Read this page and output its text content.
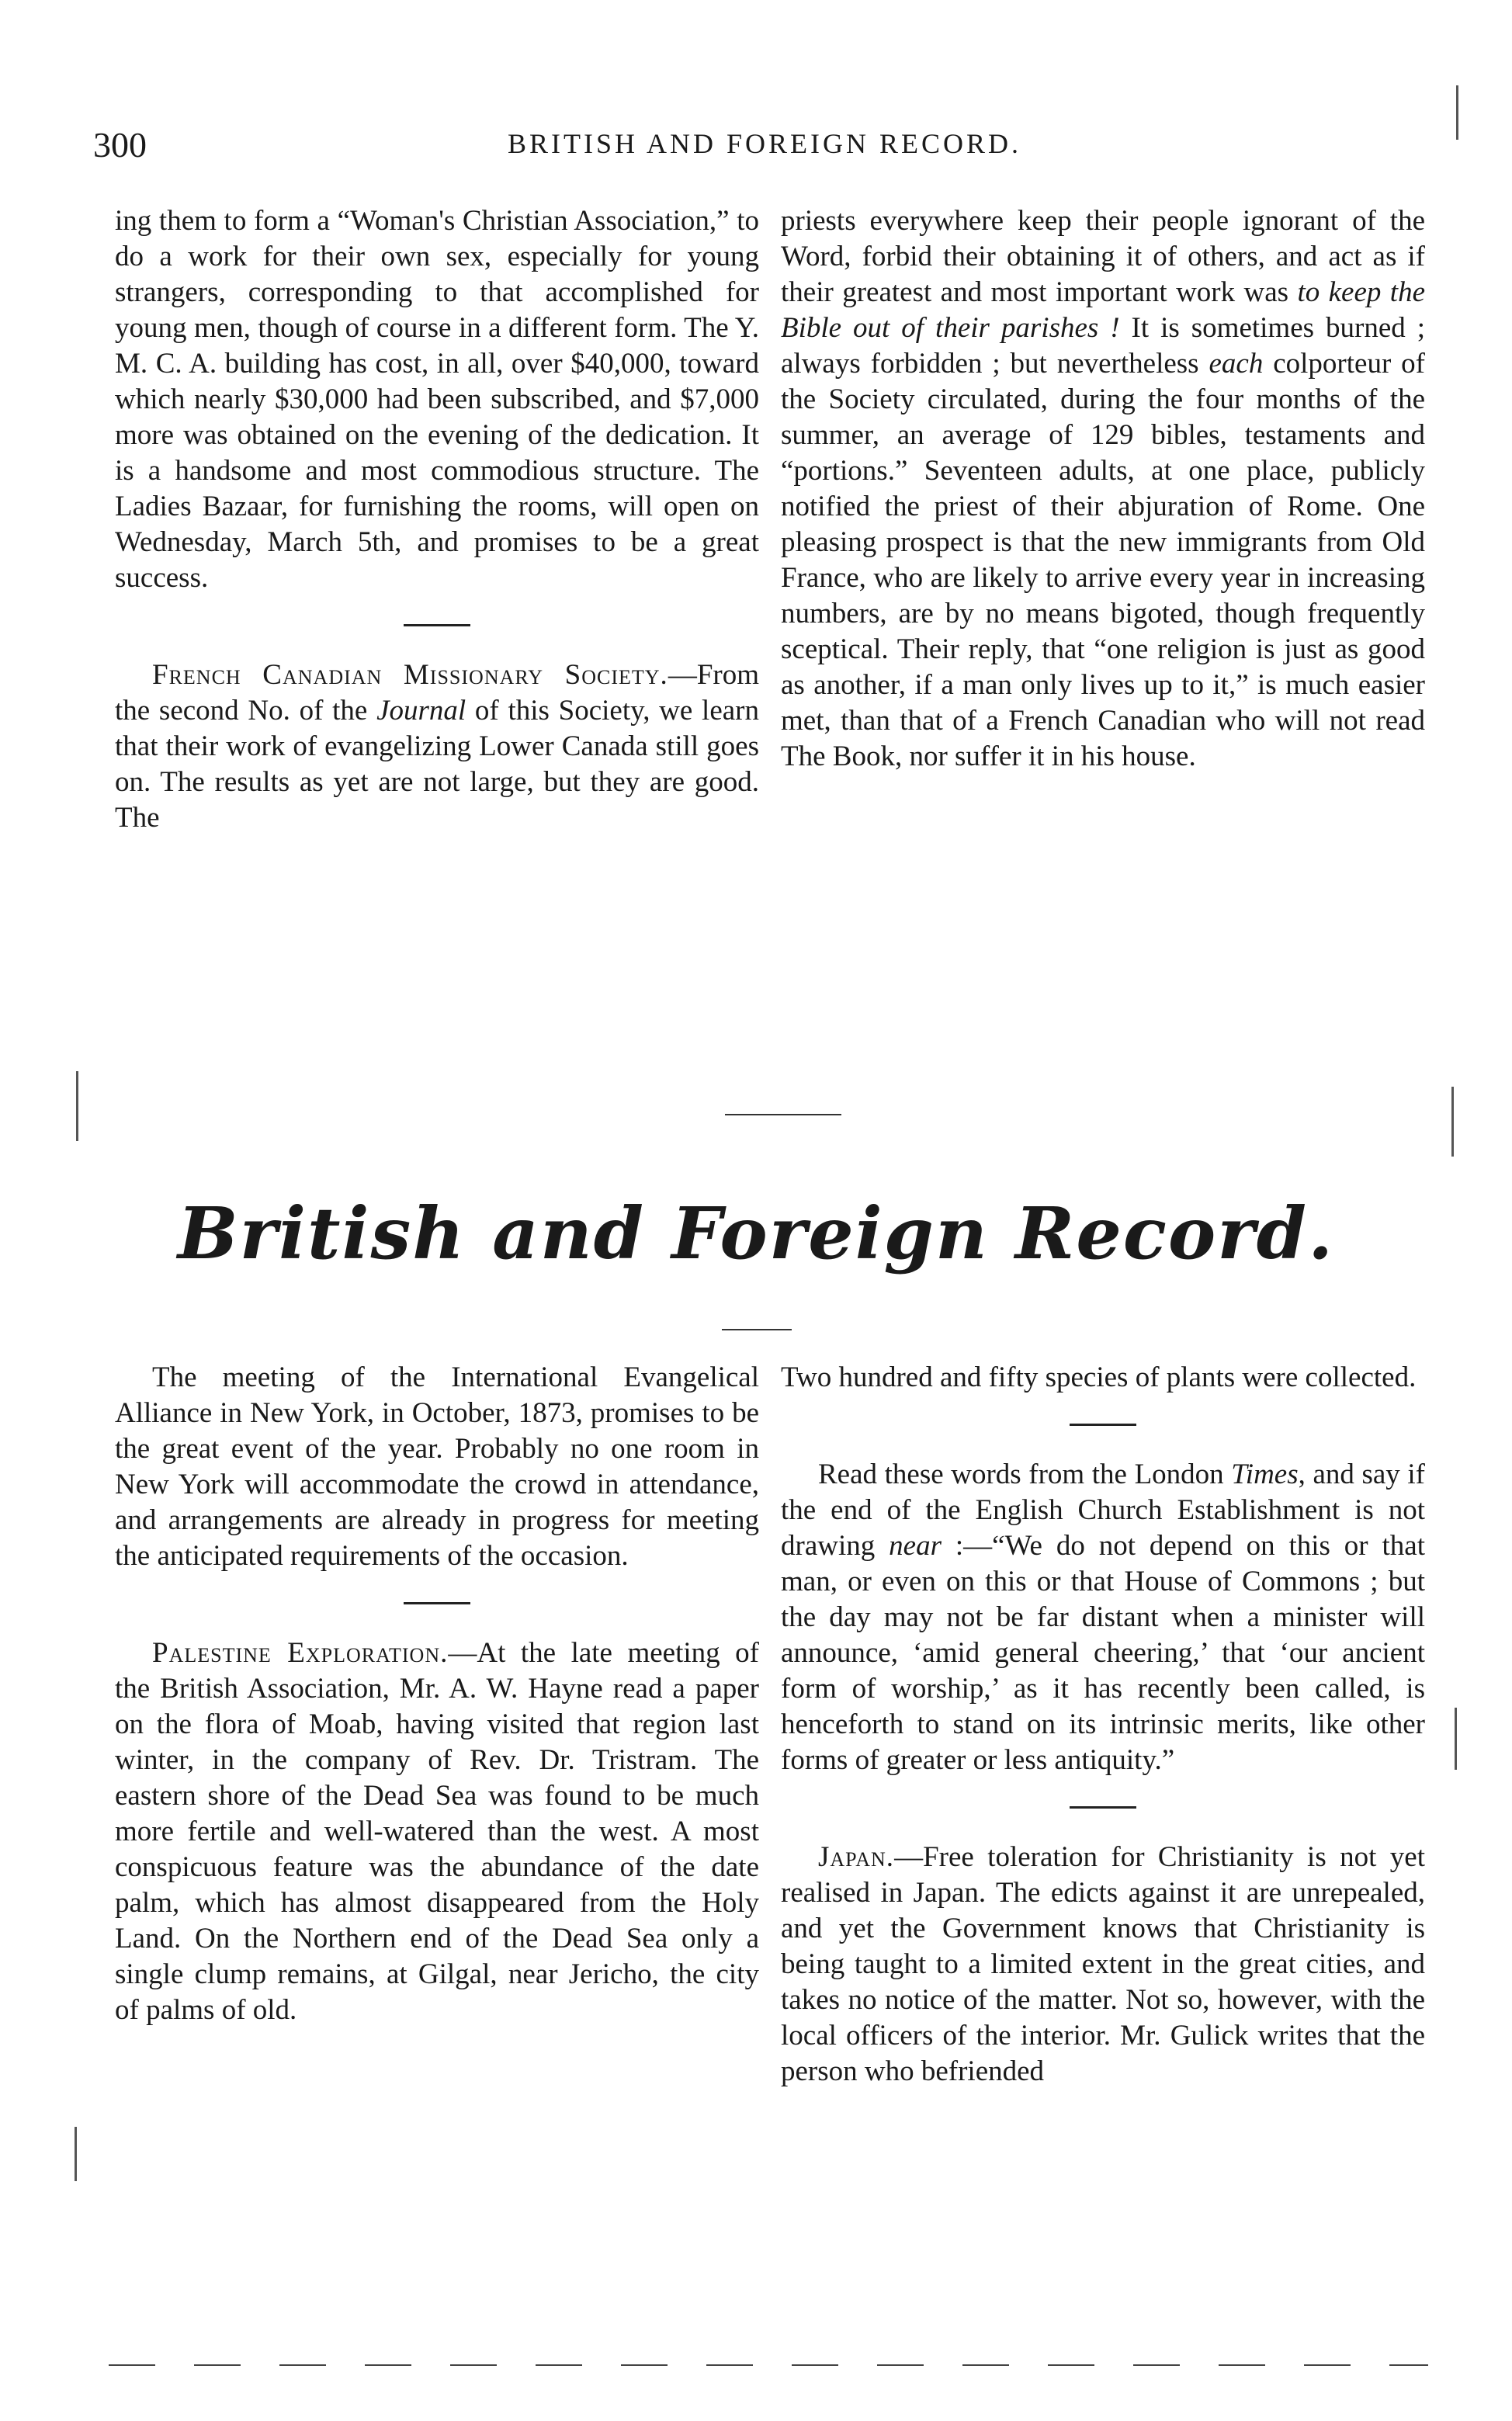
300	BRITISH AND FOREIGN RECORD.

ing them to form a “Woman's Christian Association,” to do a work for their own sex, especially for young strangers, corresponding to that accomplished for young men, though of course in a different form. The Y. M. C. A. building has cost, in all, over $40,000, toward which nearly $30,000 had been subscribed, and $7,000 more was obtained on the evening of the dedication. It is a handsome and most commodious structure. The Ladies Bazaar, for furnishing the rooms, will open on Wednesday, March 5th, and promises to be a great success.

French Canadian Missionary Society.—From the second No. of the Journal of this Society, we learn that their work of evangelizing Lower Canada still goes on. The results as yet are not large, but they are good. The

priests everywhere keep their people ignorant of the Word, forbid their obtaining it of others, and act as if their greatest and most important work was to keep the Bible out of their parishes ! It is sometimes burned ; always forbidden ; but nevertheless each colporteur of the Society circulated, during the four months of the summer, an average of 129 bibles, testaments and “portions.” Seventeen adults, at one place, publicly notified the priest of their abjuration of Rome. One pleasing prospect is that the new immigrants from Old France, who are likely to arrive every year in increasing numbers, are by no means bigoted, though frequently sceptical. Their reply, that “one religion is just as good as another, if a man only lives up to it,” is much easier met, than that of a French Canadian who will not read The Book, nor suffer it in his house.

British and Foreign Record.

The meeting of the International Evangelical Alliance in New York, in October, 1873, promises to be the great event of the year. Probably no one room in New York will accommodate the crowd in attendance, and arrangements are already in progress for meeting the anticipated requirements of the occasion.

Palestine Exploration.—At the late meeting of the British Association, Mr. A. W. Hayne read a paper on the flora of Moab, having visited that region last winter, in the company of Rev. Dr. Tristram. The eastern shore of the Dead Sea was found to be much more fertile and well-watered than the west. A most conspicuous feature was the abundance of the date palm, which has almost disappeared from the Holy Land. On the Northern end of the Dead Sea only a single clump remains, at Gilgal, near Jericho, the city of palms of old.

Two hundred and fifty species of plants were collected.

Read these words from the London Times, and say if the end of the English Church Establishment is not drawing near :—“We do not depend on this or that man, or even on this or that House of Commons ; but the day may not be far distant when a minister will announce, ‘amid general cheering,’ that ‘our ancient form of worship,’ as it has recently been called, is henceforth to stand on its intrinsic merits, like other forms of greater or less antiquity.”

Japan.—Free toleration for Christianity is not yet realised in Japan. The edicts against it are unrepealed, and yet the Government knows that Christianity is being taught to a limited extent in the great cities, and takes no notice of the matter. Not so, however, with the local officers of the interior. Mr. Gulick writes that the person who befriended
